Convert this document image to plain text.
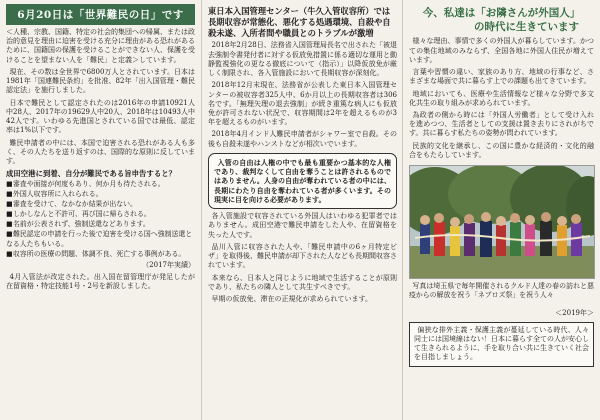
6月20日は「世界難民の日」です

＜人種、宗教、国籍、特定の社会的集団への帰属、または政治的意見を理由に迫害を受ける充分に理由がある恐れがあるために、国籍国の保護を受けることができない人、保護を受けることを望まない人を「難民」と定義＞しています。

現在、その数は全世界で6800万人とされています。日本は1981年「国連難民条約」を批准、82年「出入国管理・難民認定法」を施行しました。

日本で難民として認定されたのは2016年の申請10921人中28人、2017年の19629人中20人、2018年は10493人中42人です。いわゆる先進国とされている国では最低、認定率は1%以下です。

難民申請者の中には、本国で迫害される恐れがある人も多く、その人たちを送り返すのは、国際的な原則に反しています。

成田空港に到着、自分が難民である旨申告すると？
■審査や面接が何度もあり、何か月も待たされる。
■外国人収容所に入れられる。
■審査を受けて、なかなか結果が出ない。
■しかしなんと不許可、再び国に帰らされる。
■名前が公表されず、強制送還などあります。
■難民認定の申請を行った後で迫害を受ける国へ強制送還となる人たちもいる。
■収容所の医療の問題、体調不良、死亡する事例がある。

（2017年実績）

4月入管法が改定された。出入国在留管理庁が発足したが在留資格・特定技能1号・2号を新設しました。

東日本入国管理センター（牛久入管収容所）では長期収容が常態化、悪化する処遇環境、自殺や自殺未遂、入所者間や職員とのトラブルが激増

2018年2月28日、法務省入国管理局長名で出された「被退去強制令書発付者に対する仮放免措置に係る適切な運用と動静監視強化の更なる徹底について（指示）」以降仮放免が厳しく制限され、各入管施設において長期収容が深刻化。

2018年12月末現在、法務省が公表した東日本入国管理センターの被収容者325人中、6か月以上の長期収容者は306名です。「無理矢理の退去強制」が続き重篤な病人にも仮放免が許可されない状況で、収容期間は2年を超えるものが3年を超えるものがいます。

2018年4月インド人難民申請者がシャワー室で自殺。その後も自殺未遂やハンストなどが相次いでいます。

入管の自由は人権の中でも最も重要かつ基本的な人権であり、裁判なくして自由を奪うことは許されるものではありません。人身の自由が奪われている者の中には、長期にわたり自由を奪われている者が多くいます。その現実に目を向ける必要があります。

各入管施設で収容されている外国人はいわゆる犯罪者ではありません。成田空港で難民申請をした人や、在留資格を失った人です。

品川入管に収容された人や、「難民申請中の6ヶ月特定ビザ」を取得後、難民申請が却下された人なども長期間収容されています。

本来なら、日本人と同じように地域で生活することが原則であり、私たちの隣人として共生すべきです。

早期の仮放免、滞在の正規化が求められています。

今、私達は「お隣さんが外国人」
の時代に生きています

様々な理由、事情で多くの外国人が暮らしています。かつての集住地域のみならず、全国各地に外国人住民が増えています。

言葉や習慣の違い、家族のあり方、地域の行事など、さまざまな場面で共に暮らす上での課題も出てきています。

地域においても、医療や生活情報など様々な分野で多文化共生の取り組みが求められています。

為政者の側から時には「外国人労働者」として受け入れを進めつつ、生活者としての支援は置き去りにされがちです。共に暮らす私たちの姿勢が問われています。

民族的文化を継承し、この国に豊かな経済的・文化的融合をもたらしています。

写真は埼玉県で毎年開催されるクルド人達の春の訪れと悪疫からの解放を祝う「ネブロズ祭」を祝う人々

＜2019年＞

偏狭な排外主義・保護主義が蔓延している時代、人々同士には国境線はない！日本に暮らす全ての人が安心して生きられるように、手を取り合い共に生きていく社会を目指しましょう。
